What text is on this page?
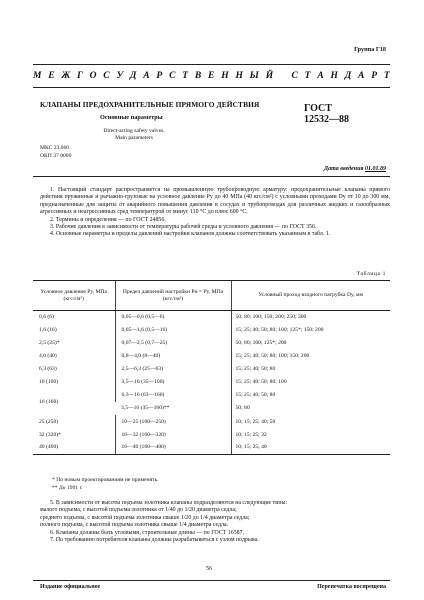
Группа Г18
М Е Ж Г О С У Д А Р С Т В Е Н Н Ы Й
С Т А Н Д А Р Т
КЛАПАНЫ ПРЕДОХРАНИТЕЛЬНЫЕ ПРЯМОГО ДЕЙСТВИЯ
Основные параметры
Direct-acting safety valves.
Main parameters
ГОСТ
12532—88
МКС 23.060
ОКП 37 0000
Дата введения 01.01.89

1. Настоящий стандарт распространяется на промышленную трубопроводную арматуру: предохранительные клапаны прямого действия пружинные и рычажно-грузовые на условное давление Pу до 40 МПа (40 кгс/см²) с условными проходами Dу от 10 до 300 мм, предназначенные для защиты от аварийного повышения давления в сосудах и трубопроводах для различных жидких и газообразных агрессивных и неагрессивных сред температурой от минус 110 °С до плюс 600 °С.

2. Термины и определения — по ГОСТ 24856.

3. Рабочие давления в зависимости от температуры рабочей среды и условного давления — по ГОСТ 356.

4. Основные параметры и пределы давлений настройки клапанов должны соответствовать указанным в табл. 1.

Таблица 1
Условное давление Pу, МПа (кгс/см²)	Предел давлений настройки Pн = Pу, МПа (кгс/см²)	Условный проход входного патрубка Dу, мм
0,6 (6)	0,05—0,6 (0,5—6)	50; 80; 100; 150; 200; 250; 300
1,6 (16)	0,05—1,6 (0,5—16)	15; 25; 40; 50; 80; 100; 125*; 150; 200
2,5 (25)*	0,07—2,5 (0,7—25)	50; 80; 100; 125*; 200
4,0 (40)	0,8—4,0 (8—40)	15; 25; 40; 50; 80; 100; 150; 200
6,3 (63)	2,5—6,3 (25—63)	15; 25; 40; 50; 80
10 (100)	3,5—10 (35—100)	15; 25; 40; 50; 80; 100
16 (160)	6,3—16 (63—160)	15; 25; 40; 50; 80
	3,5—16 (35—160)**	50; 80
25 (250)	10—25 (100—250)	10; 15; 25; 40; 50
32 (320)*	16—32 (160—320)	10; 15; 25; 32
40 (400)	16—40 (160—400)	10; 15; 25; 40
* По новым проектированиям не применять.
** До 1991 г.

5. В зависимости от высоты подъема золотника клапаны подразделяются на следующие типы:

малого подъема, с высотой подъема золотника от 1/40 до 1/20 диаметра седла;

среднего подъема, с высотой подъема золотника свыше 1/20 до 1/4 диаметра седла;

полного подъема, с высотой подъема золотника свыше 1/4 диаметра седла.

6. Клапаны должны быть угловыми, строительные длины — по ГОСТ 16587.

7. По требованию потребителя клапаны должны разрабатываться с узлом подрыва.

56
Издание официальное	Перепечатка воспрещена
